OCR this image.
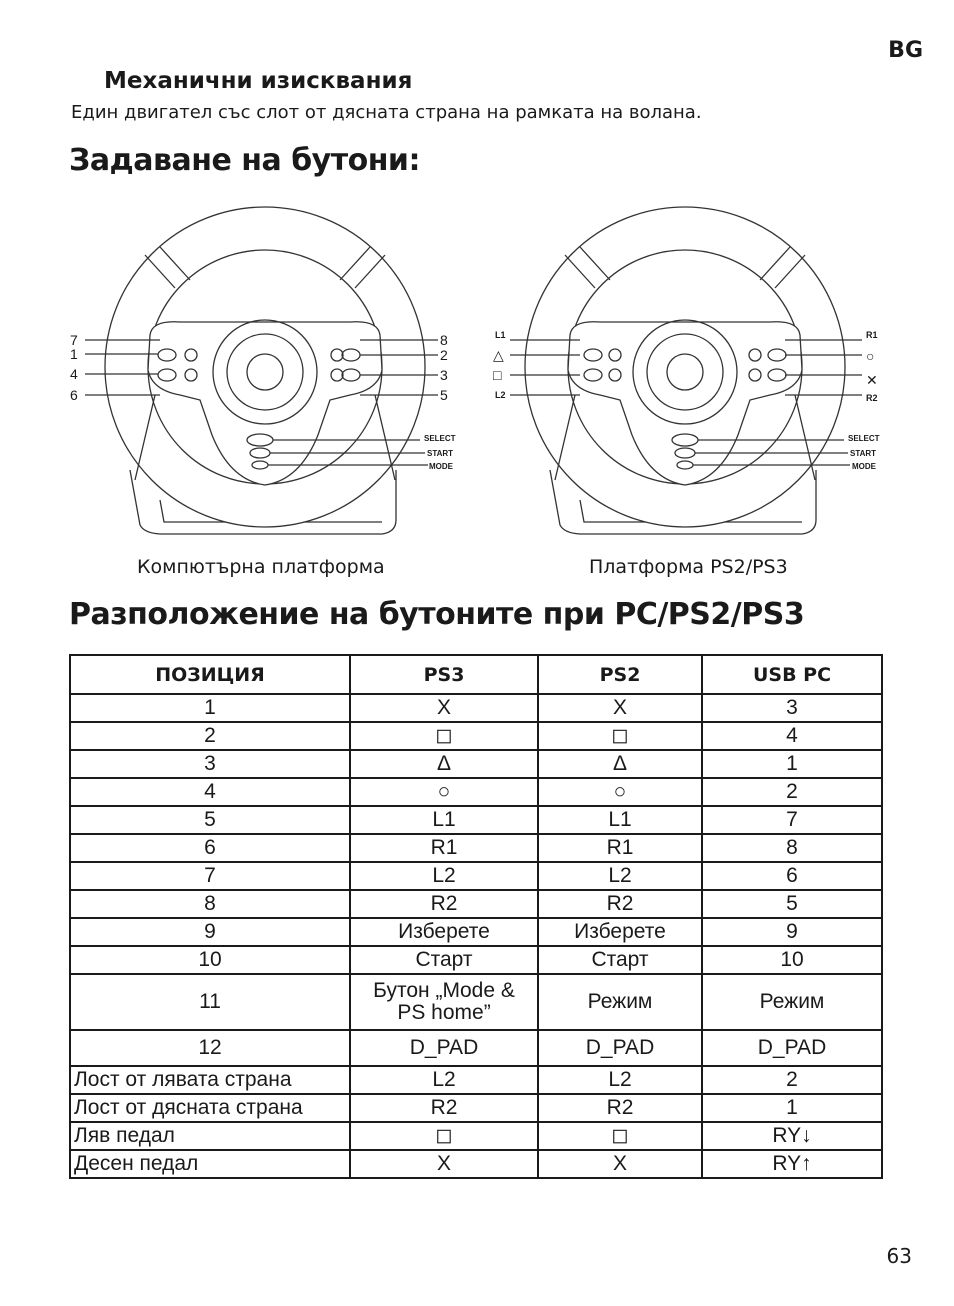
BG
Механични изисквания
Един двигател със слот от дясната страна на рамката на волана.
Задаване на бутони:
7
1
4
6
8
2
3
5
SELECT
START
MODE
L1
L2
R1
R2
△
□
○
✕
SELECT
START
MODE
Компютърна платформа	Платформа PS2/PS3
Разположение на бутоните при PC/PS2/PS3
ПОЗИЦИЯ	PS3	PS2	USB PC
1	X	X	3
2	◻	◻	4
3	Δ	Δ	1
4	○	○	2
5	L1	L1	7
6	R1	R1	8
7	L2	L2	6
8	R2	R2	5
9	Изберете	Изберете	9
10	Старт	Старт	10
11	Бутон „Mode & PS home”	Режим	Режим
12	D_PAD	D_PAD	D_PAD
Лост от лявата страна	L2	L2	2
Лост от дясната страна	R2	R2	1
Ляв педал	◻	◻	RY↓
Десен педал	X	X	RY↑
63
